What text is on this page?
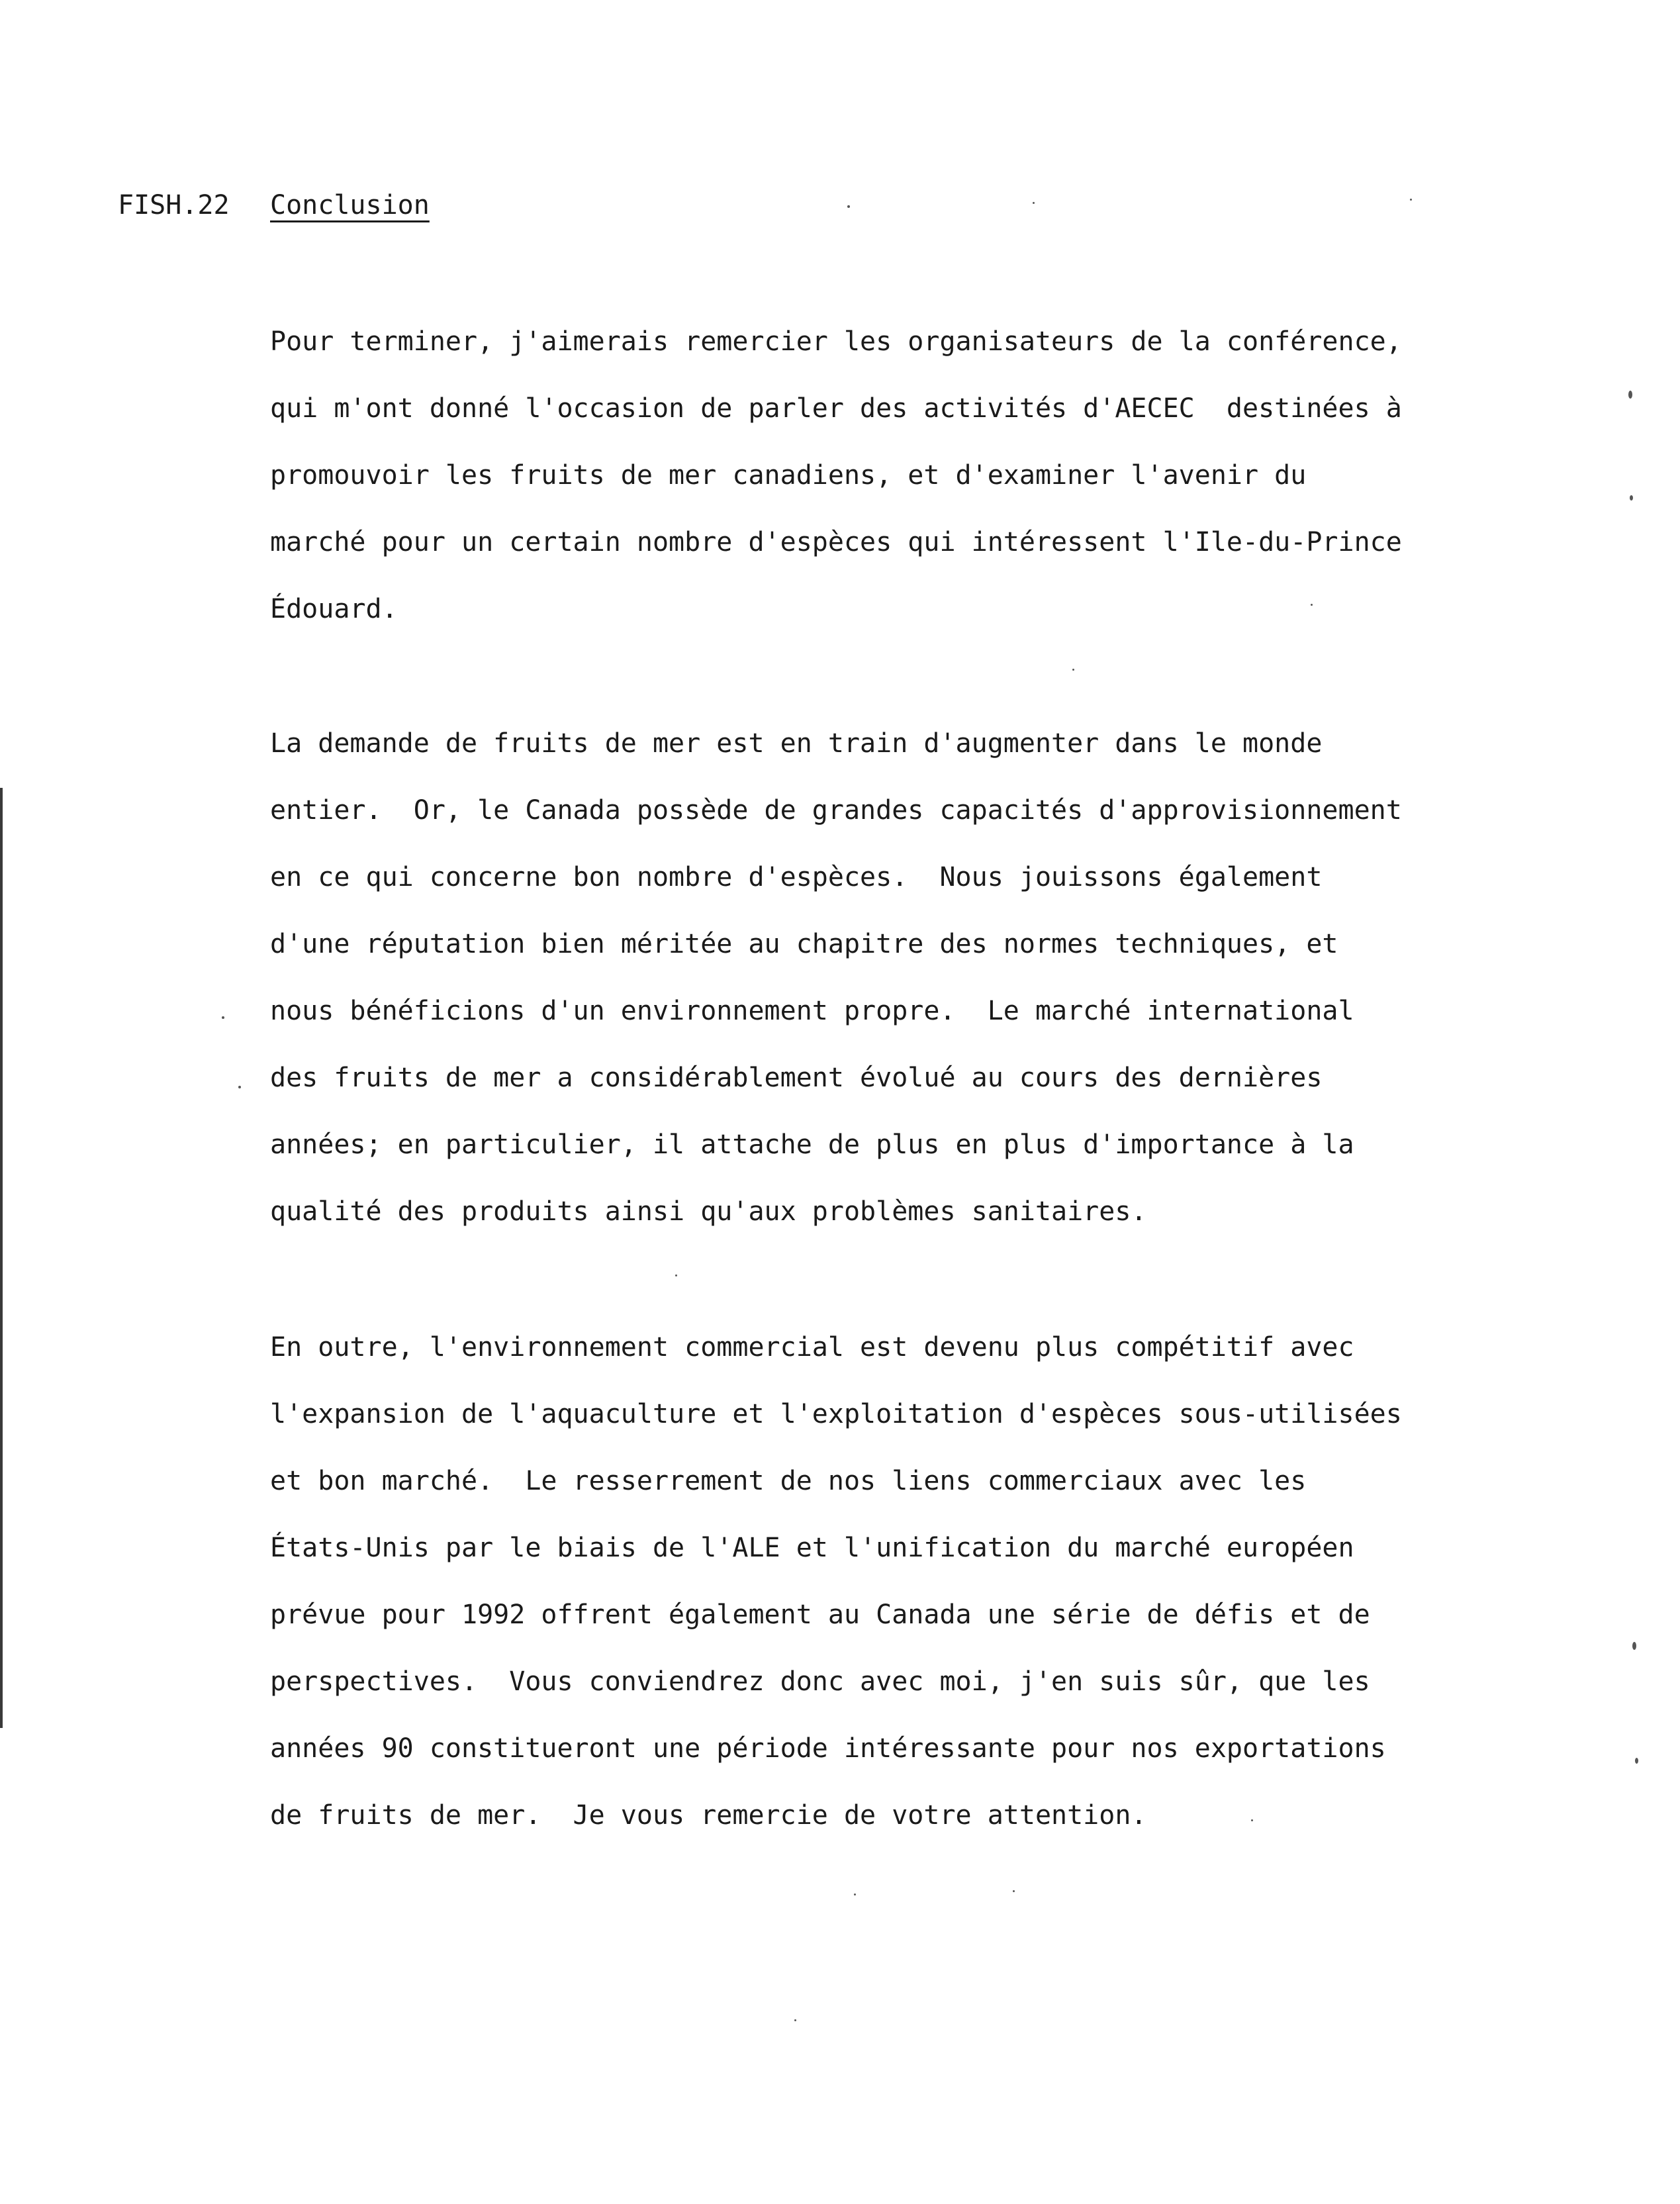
FISH.22 Conclusion
Pour terminer, j'aimerais remercier les organisateurs de la conférence,
qui m'ont donné l'occasion de parler des activités d'AECEC  destinées à
promouvoir les fruits de mer canadiens, et d'examiner l'avenir du
marché pour un certain nombre d'espèces qui intéressent l'Ile-du-Prince
Édouard.
La demande de fruits de mer est en train d'augmenter dans le monde
entier.  Or, le Canada possède de grandes capacités d'approvisionnement
en ce qui concerne bon nombre d'espèces.  Nous jouissons également
d'une réputation bien méritée au chapitre des normes techniques, et
nous bénéficions d'un environnement propre.  Le marché international
des fruits de mer a considérablement évolué au cours des dernières
années; en particulier, il attache de plus en plus d'importance à la
qualité des produits ainsi qu'aux problèmes sanitaires.
En outre, l'environnement commercial est devenu plus compétitif avec
l'expansion de l'aquaculture et l'exploitation d'espèces sous-utilisées
et bon marché.  Le resserrement de nos liens commerciaux avec les
États-Unis par le biais de l'ALE et l'unification du marché européen
prévue pour 1992 offrent également au Canada une série de défis et de
perspectives.  Vous conviendrez donc avec moi, j'en suis sûr, que les
années 90 constitueront une période intéressante pour nos exportations
de fruits de mer.  Je vous remercie de votre attention.
